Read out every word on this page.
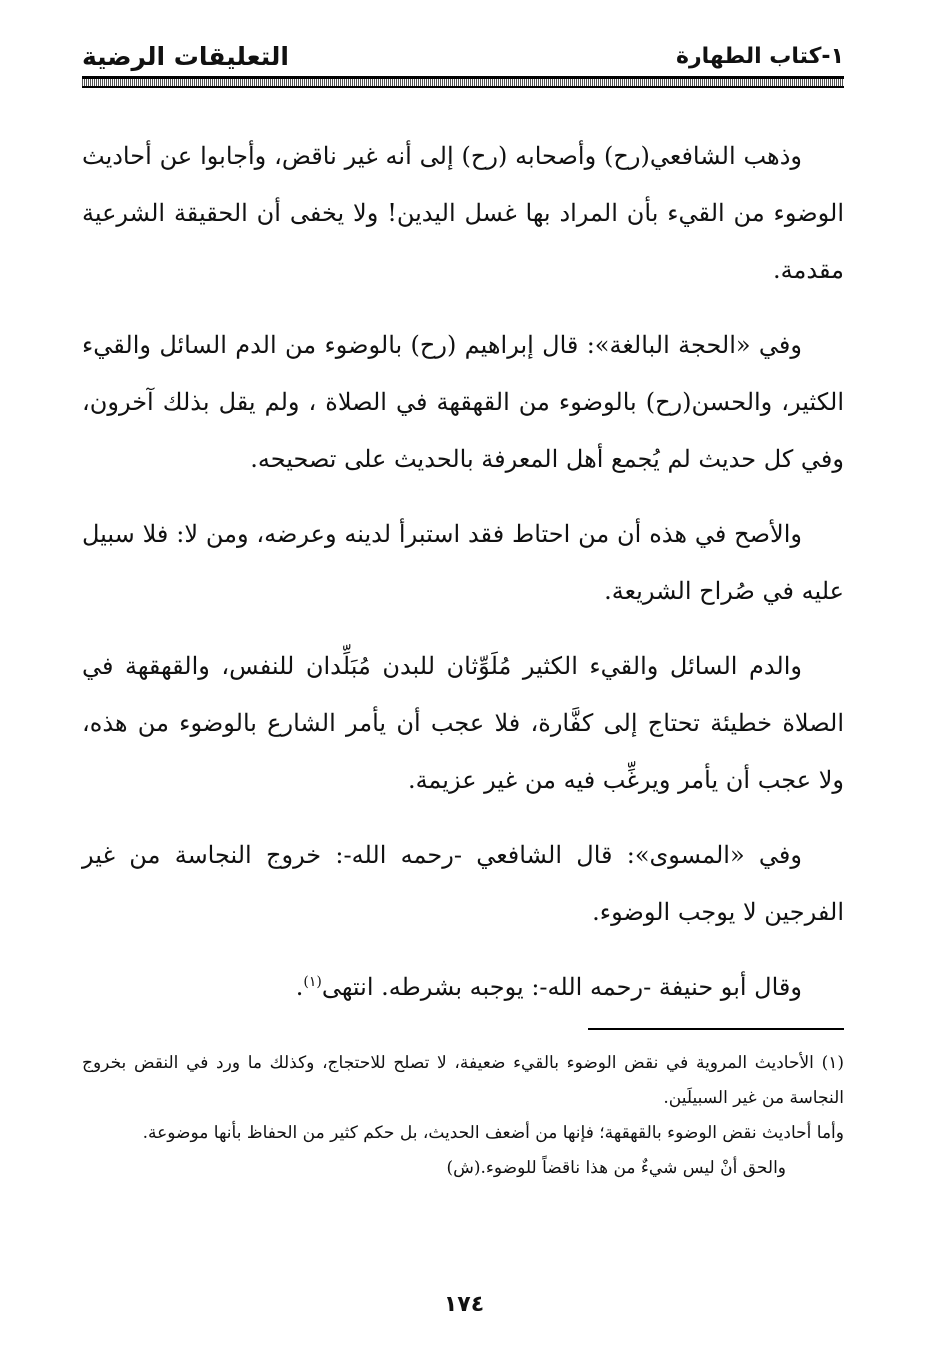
١-كتاب الطهارة
التعليقات الرضية

وذهب الشافعي(رح) وأصحابه (رح) إلى أنه غير ناقض، وأجابوا عن أحاديث الوضوء من القيء بأن المراد بها غسل اليدين! ولا يخفى أن الحقيقة الشرعية مقدمة.

وفي «الحجة البالغة»: قال إبراهيم (رح) بالوضوء من الدم السائل والقيء الكثير، والحسن(رح) بالوضوء من القهقهة في الصلاة ، ولم يقل بذلك آخرون، وفي كل حديث لم يُجمع أهل المعرفة بالحديث على تصحيحه.

والأصح في هذه أن من احتاط فقد استبرأ لدينه وعرضه، ومن لا: فلا سبيل عليه في صُراح الشريعة.

والدم السائل والقيء الكثير مُلَوِّثان للبدن مُبَلِّدان للنفس، والقهقهة في الصلاة خطيئة تحتاج إلى كفَّارة، فلا عجب أن يأمر الشارع بالوضوء من هذه، ولا عجب أن يأمر ويرغِّب فيه من غير عزيمة.

وفي «المسوى»: قال الشافعي -رحمه الله-: خروج النجاسة من غير الفرجين لا يوجب الوضوء.

وقال أبو حنيفة -رحمه الله-: يوجبه بشرطه. انتهى$^{(١)}$.

(١) الأحاديث المروية في نقض الوضوء بالقيء ضعيفة، لا تصلح للاحتجاج، وكذلك ما ورد في النقض بخروج النجاسة من غير السبيلَين.

وأما أحاديث نقض الوضوء بالقهقهة؛ فإنها من أضعف الحديث، بل حكم كثير من الحفاظ بأنها موضوعة.

والحق أنْ ليس شيءٌ من هذا ناقضاً للوضوء.(ش)

١٧٤
